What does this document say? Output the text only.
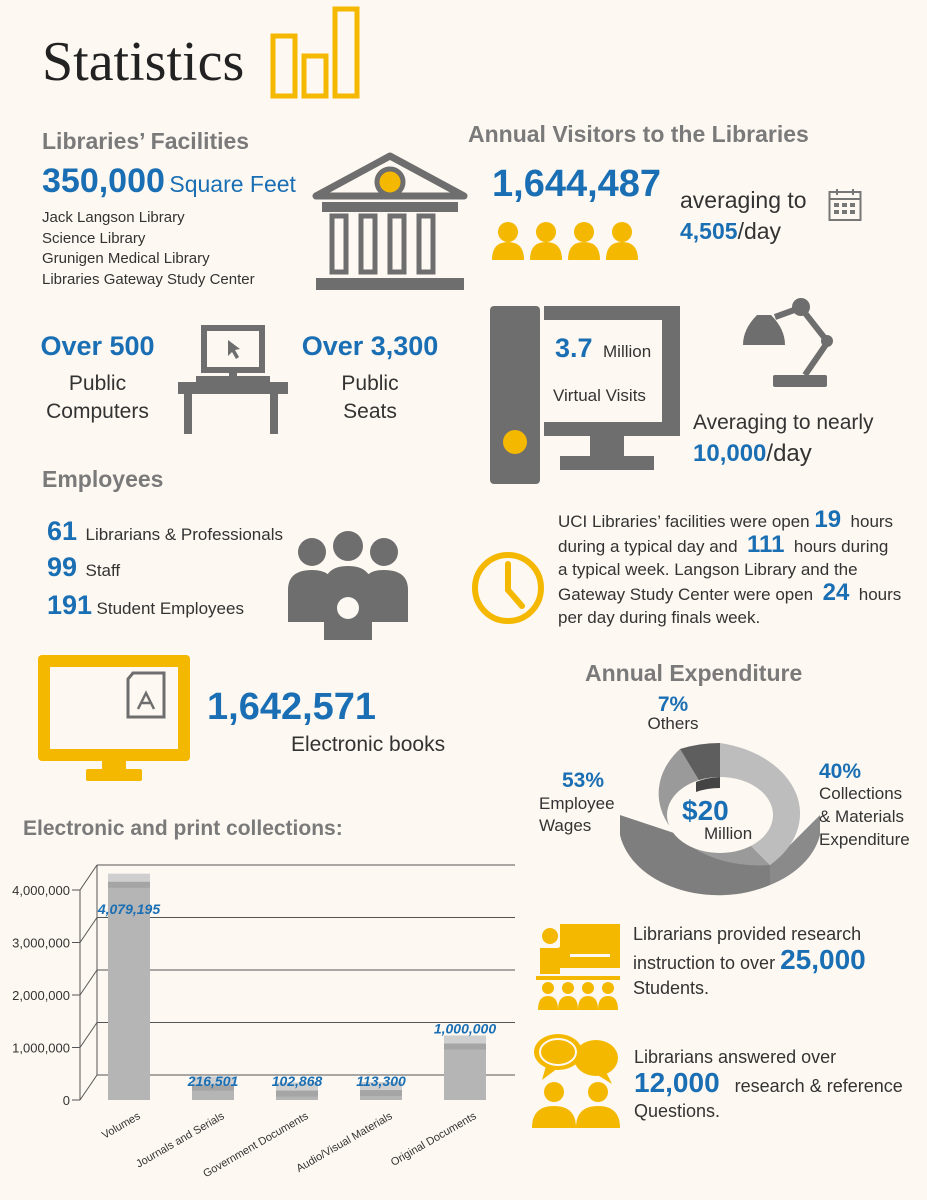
Statistics
Libraries’ Facilities
350,000 Square Feet
Jack Langson Library
Science Library
Grunigen Medical Library
Libraries Gateway Study Center
Annual Visitors to the Libraries
1,644,487 averaging to
4,505/day
Over 500
Public
Computers
Over 3,300
Public
Seats
3.7 Million
Virtual Visits
Averaging to nearly
10,000/day
Employees
61 Librarians & Professionals
99 Staff
191 Student Employees
UCI Libraries’ facilities were open 19 hours
during a typical day and 111 hours during
a typical week. Langson Library and the
Gateway Study Center were open 24 hours
per day during finals week.
1,642,571
Electronic books
Annual Expenditure
$20
Million
7%
Others
53%
Employee
Wages
40%
Collections
& Materials
Expenditure
Electronic and print collections:
0
1,000,000
2,000,000
3,000,000
4,000,000
4,079,195
216,501 102,868 113,300
1,000,000
Volumes
Journals and Serials
Government Documents
Audio/Visual Materials
Original Documents
Librarians provided research
instruction to over 25,000
Students.
Librarians answered over
12,000 research & reference
Questions.
